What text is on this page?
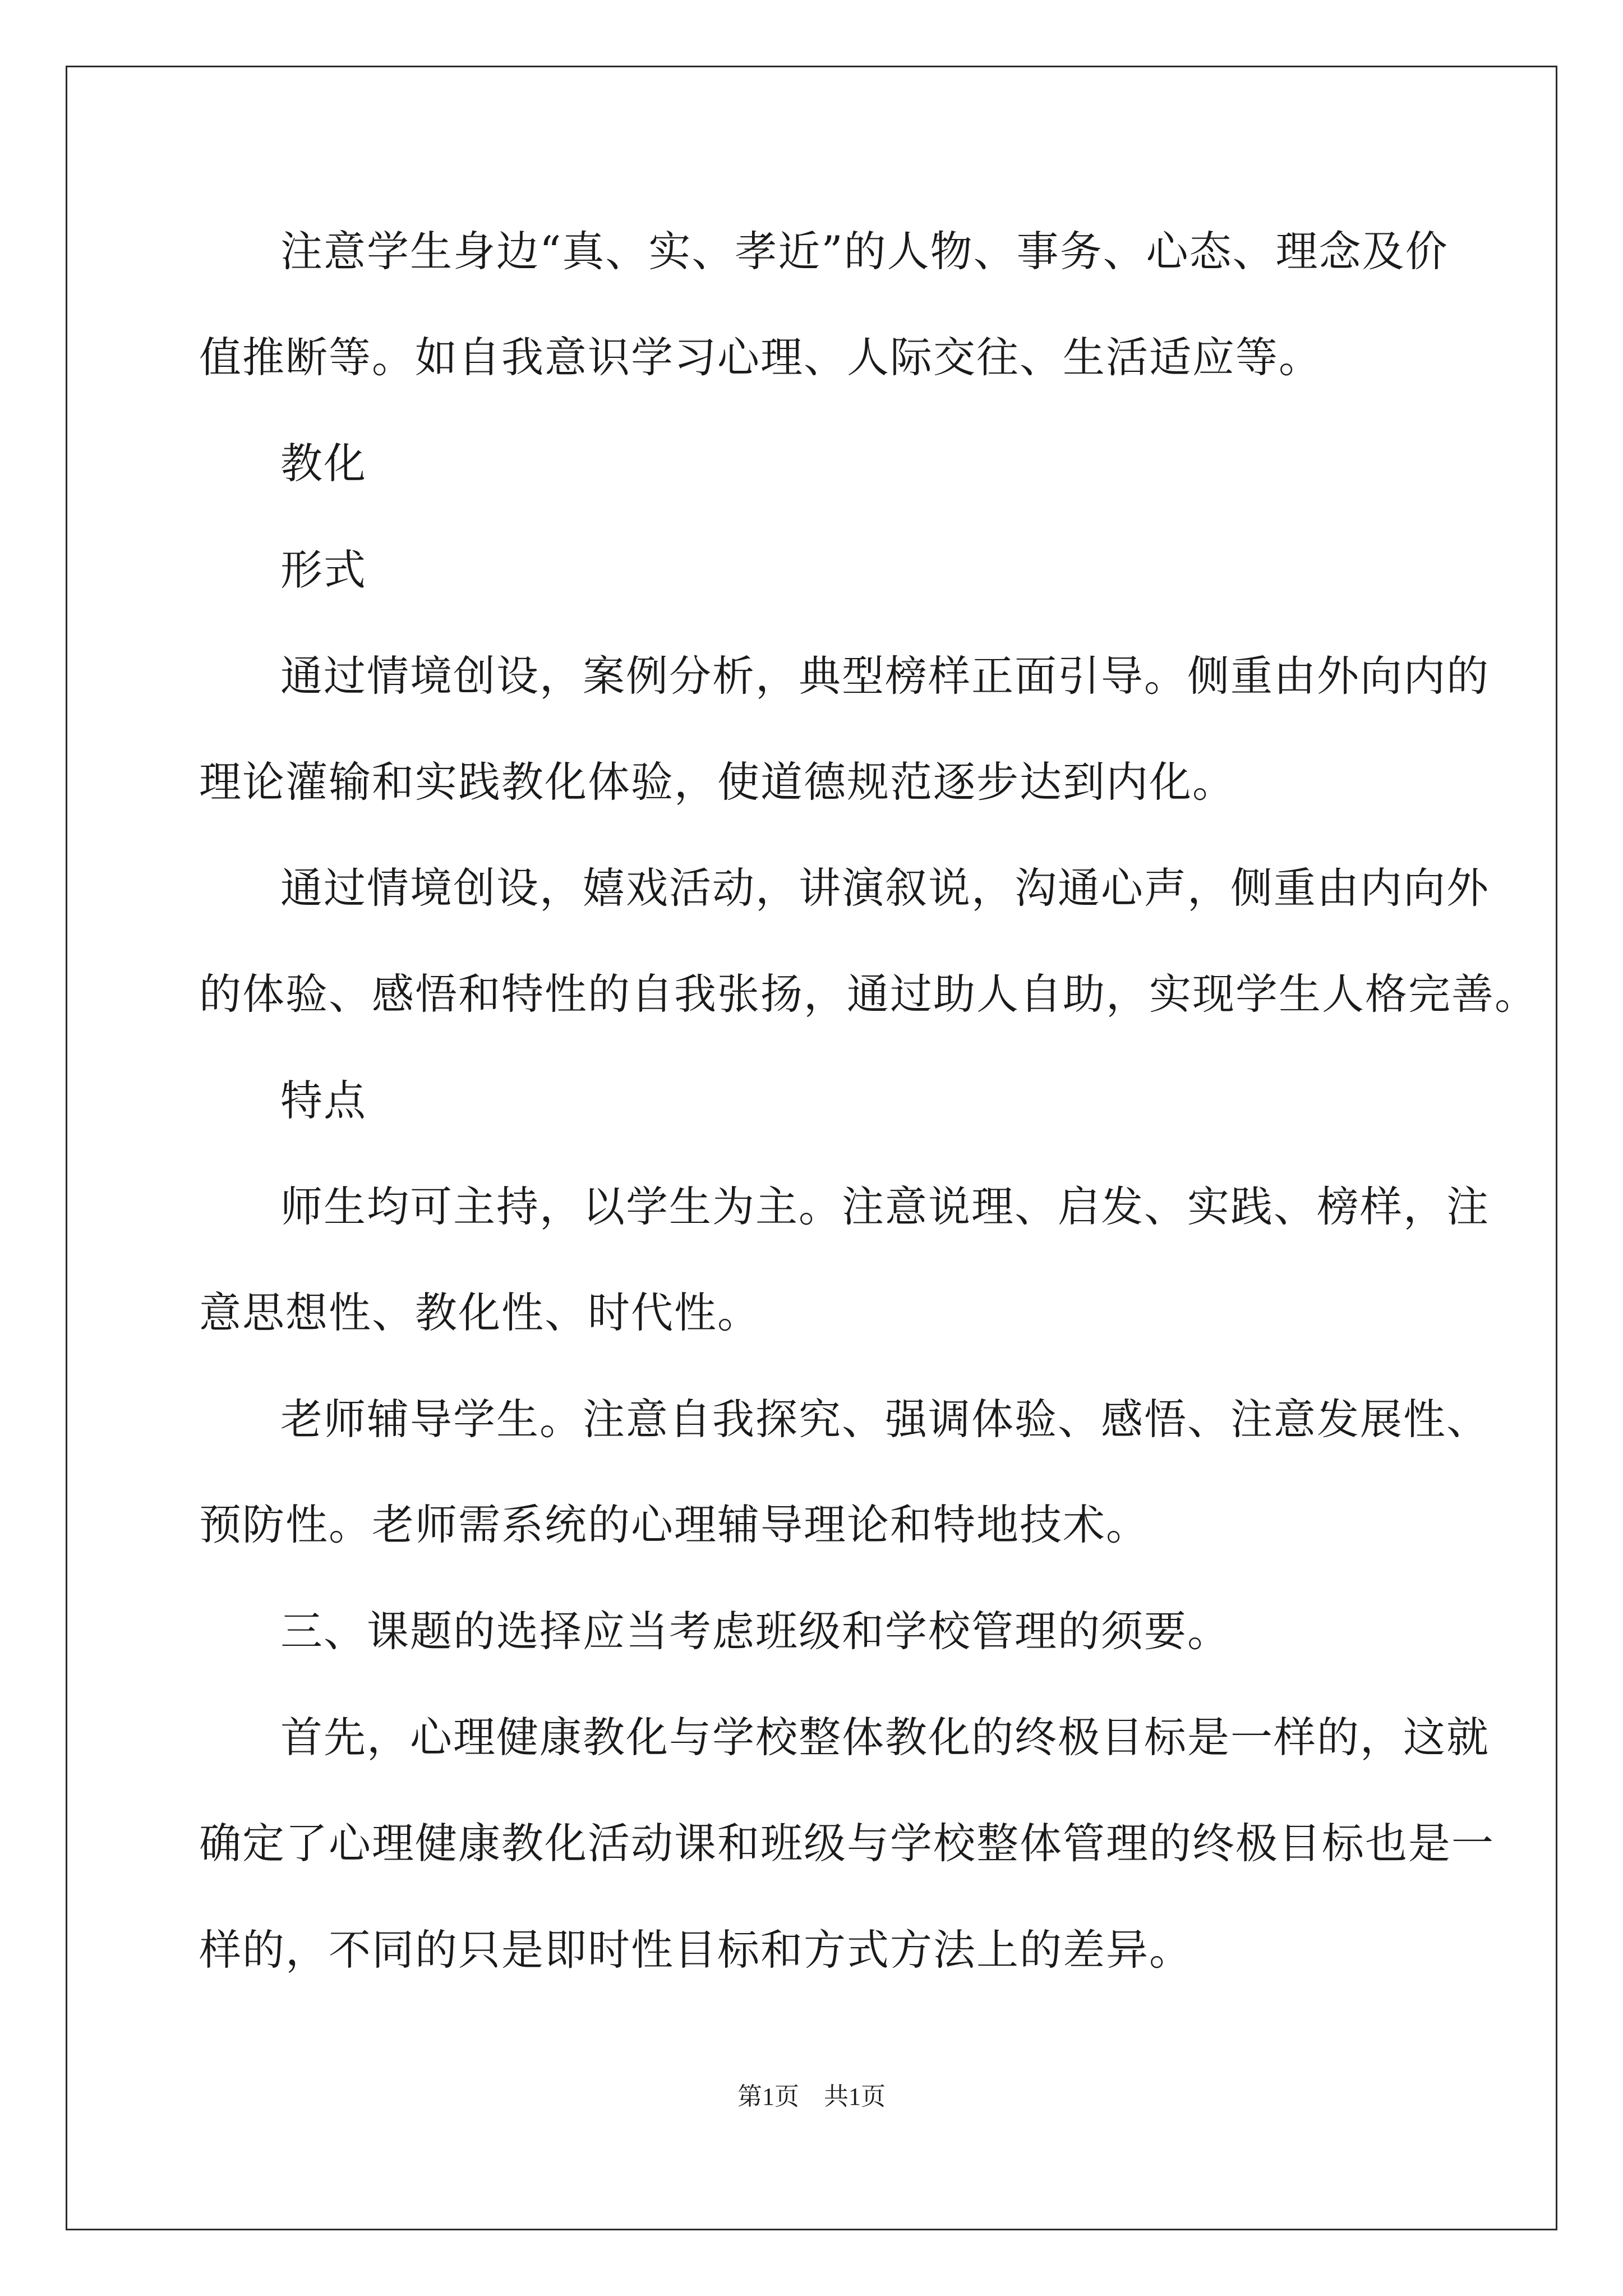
注意学生身边“真、实、孝近”的人物、事务、心态、理念及价
值推断等。如自我意识学习心理、人际交往、生活适应等。
教化
形式
通过情境创设，案例分析，典型榜样正面引导。侧重由外向内的
理论灌输和实践教化体验，使道德规范逐步达到内化。
通过情境创设，嬉戏活动，讲演叙说，沟通心声，侧重由内向外
的体验、感悟和特性的自我张扬，通过助人自助，实现学生人格完善。
特点
师生均可主持，以学生为主。注意说理、启发、实践、榜样，注
意思想性、教化性、时代性。
老师辅导学生。注意自我探究、强调体验、感悟、注意发展性、
预防性。老师需系统的心理辅导理论和特地技术。
三、课题的选择应当考虑班级和学校管理的须要。
首先，心理健康教化与学校整体教化的终极目标是一样的，这就
确定了心理健康教化活动课和班级与学校整体管理的终极目标也是一
样的，不同的只是即时性目标和方式方法上的差异。
第1页 共1页
